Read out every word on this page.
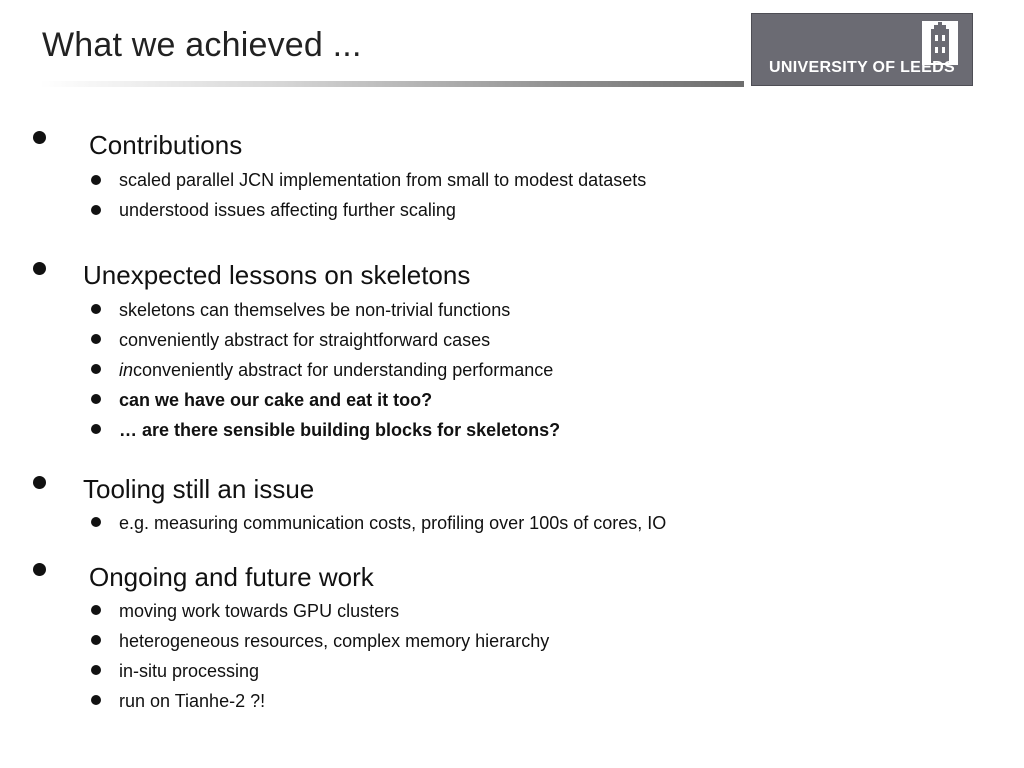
What we achieved ...
UNIVERSITY OF LEEDS
Contributions
scaled parallel JCN implementation from small to modest datasets
understood issues affecting further scaling
Unexpected lessons on skeletons
skeletons can themselves be non-trivial functions
conveniently abstract for straightforward cases
inconveniently abstract for understanding performance
can we have our cake and eat it too?
… are there sensible building blocks for skeletons?
Tooling still an issue
e.g. measuring communication costs, profiling over 100s of cores, IO
Ongoing and future work
moving work towards GPU clusters
heterogeneous resources, complex memory hierarchy
in-situ processing
run on Tianhe-2 ?!
